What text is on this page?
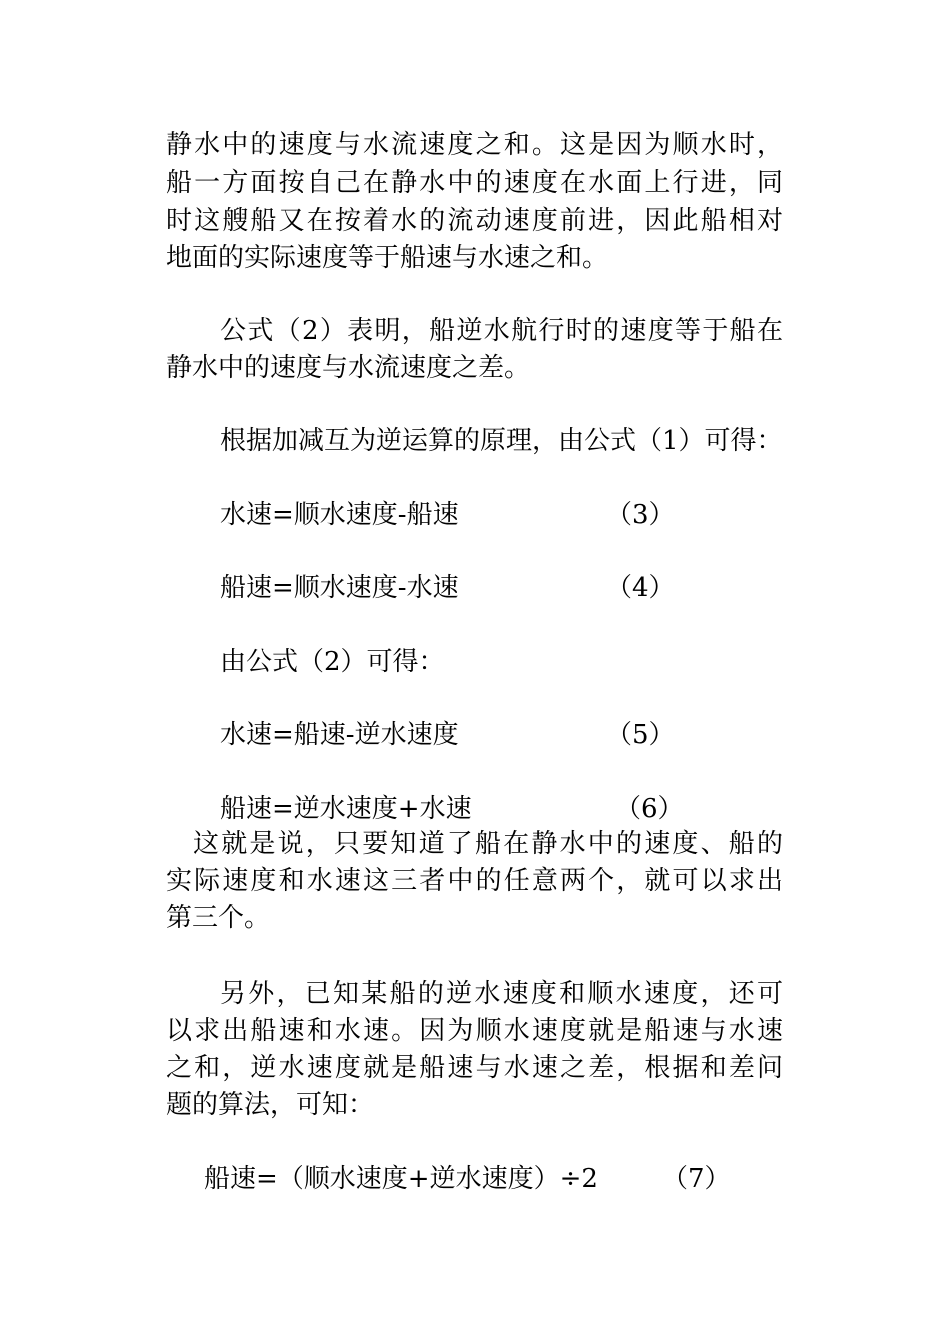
静水中的速度与水流速度之和。这是因为顺水时，
船一方面按自己在静水中的速度在水面上行进，同
时这艘船又在按着水的流动速度前进，因此船相对
地面的实际速度等于船速与水速之和。
公式（2）表明，船逆水航行时的速度等于船在
静水中的速度与水流速度之差。
根据加减互为逆运算的原理，由公式（1）可得：
水速=顺水速度-船速	（3）
船速=顺水速度-水速	（4）
由公式（2）可得：
水速=船速-逆水速度	（5）
船速=逆水速度+水速	（6）
这就是说，只要知道了船在静水中的速度、船的
实际速度和水速这三者中的任意两个，就可以求出
第三个。
另外，已知某船的逆水速度和顺水速度，还可
以求出船速和水速。因为顺水速度就是船速与水速
之和，逆水速度就是船速与水速之差，根据和差问
题的算法，可知：
船速=（顺水速度+逆水速度）÷2 （7）
